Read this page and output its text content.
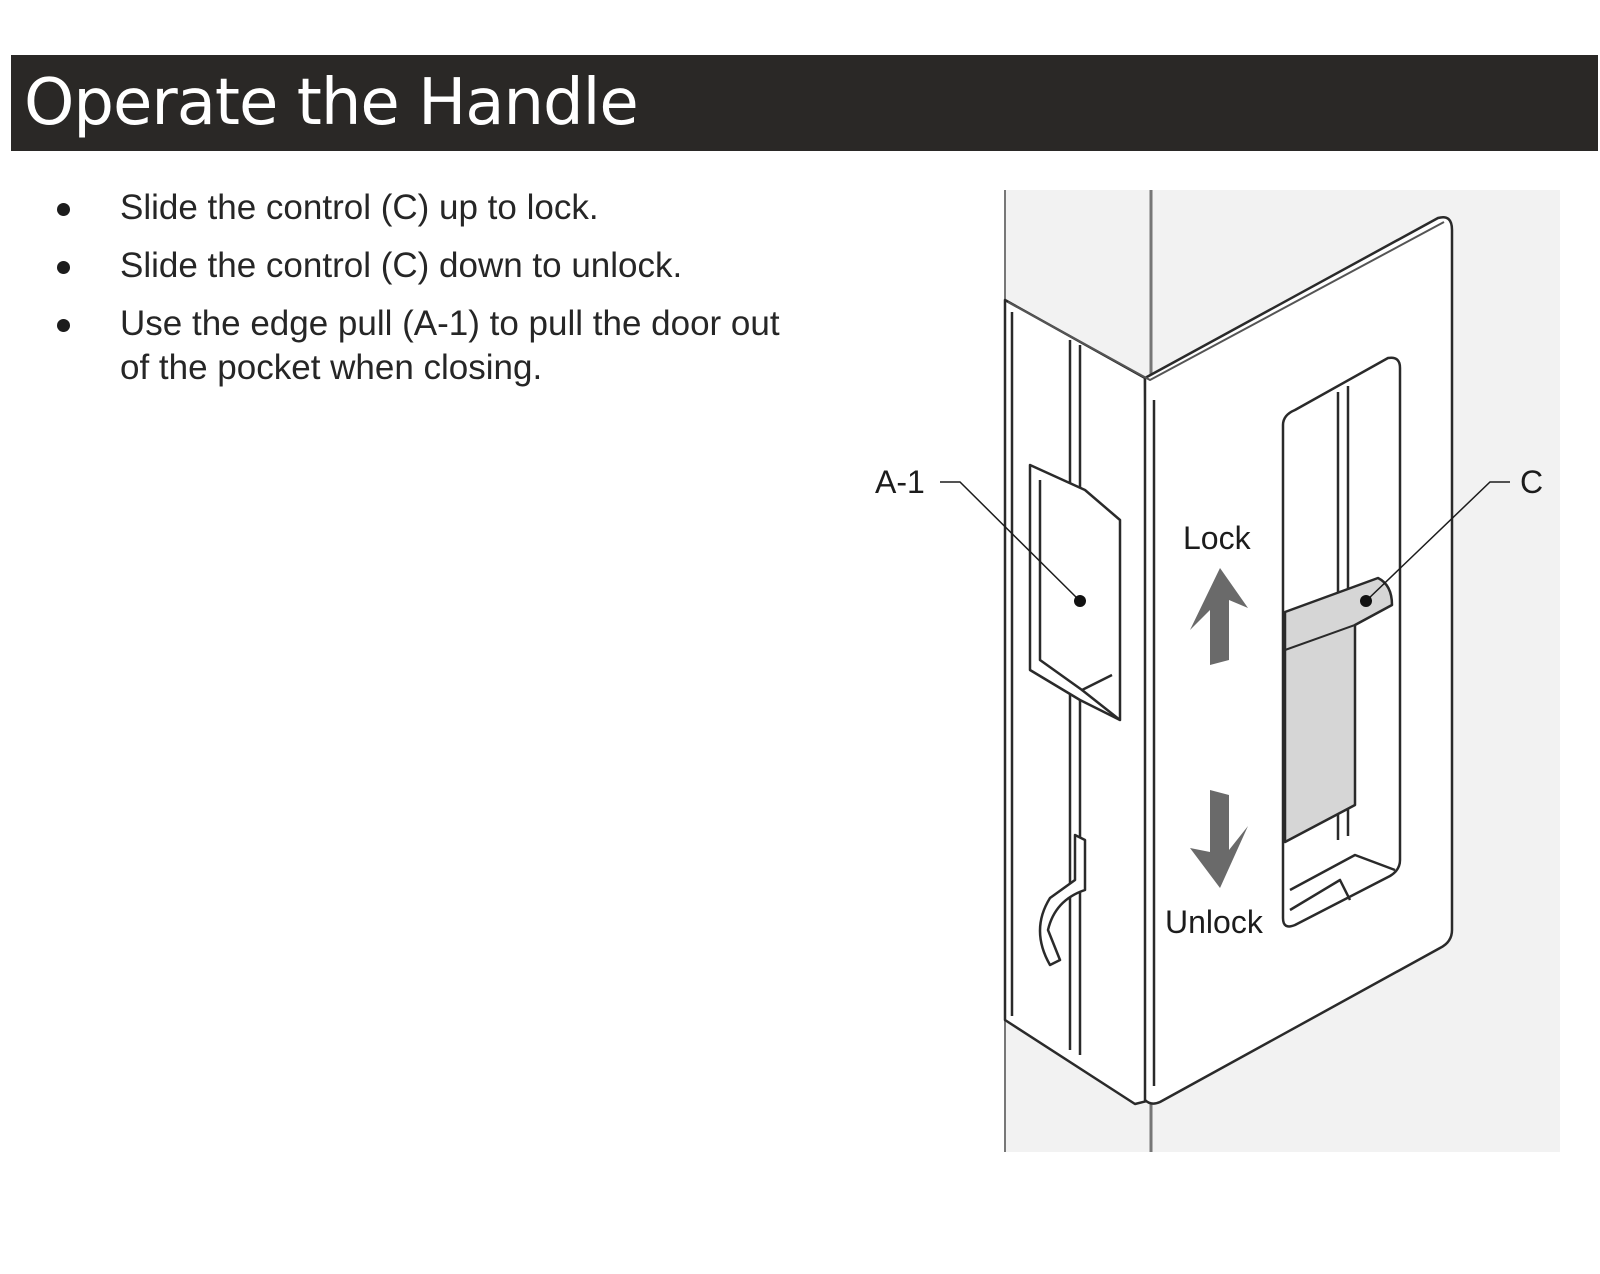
Operate the Handle
Slide the control (C) up to lock.
Slide the control (C) down to unlock.
Use the edge pull (A-1) to pull the door out of the pocket when closing.
A-1	C
Lock
Unlock
